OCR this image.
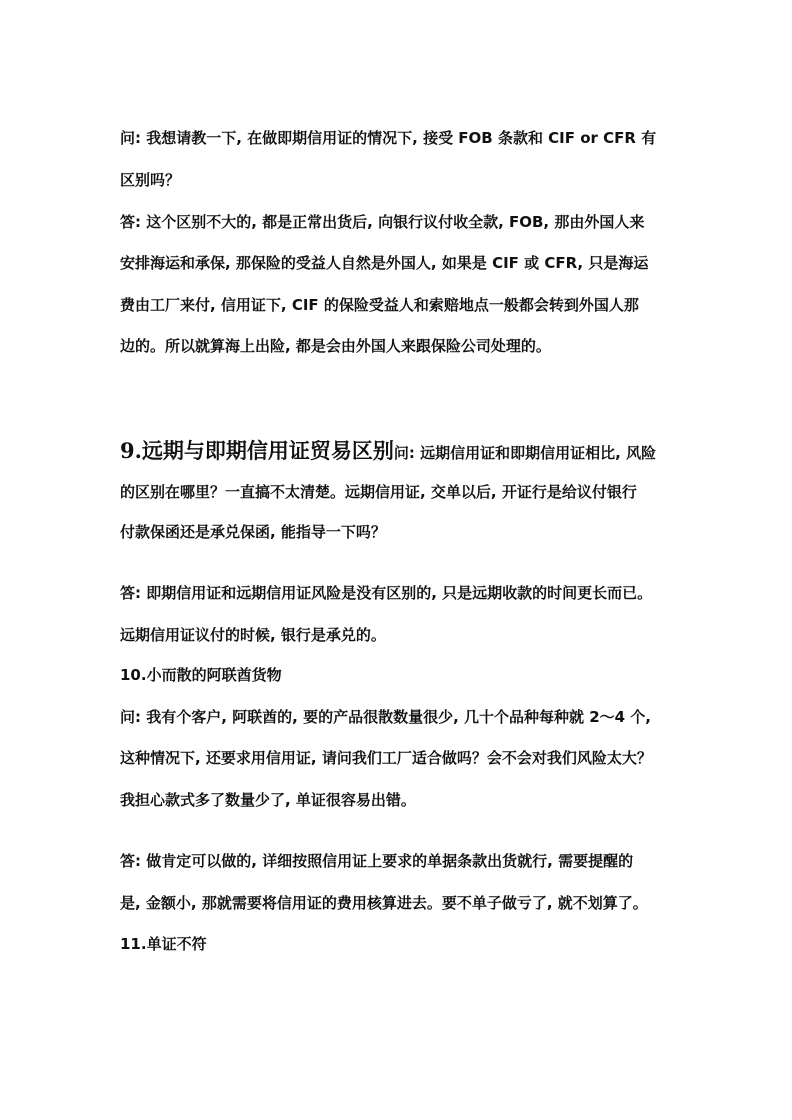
问: 我想请教一下, 在做即期信用证的情况下, 接受 FOB 条款和 CIF or CFR 有
区别吗？
答: 这个区别不大的, 都是正常出货后, 向银行议付收全款, FOB, 那由外国人来
安排海运和承保, 那保险的受益人自然是外国人, 如果是 CIF 或 CFR, 只是海运
费由工厂来付, 信用证下, CIF 的保险受益人和索赔地点一般都会转到外国人那
边的。所以就算海上出险, 都是会由外国人来跟保险公司处理的。
9.远期与即期信用证贸易区别问: 远期信用证和即期信用证相比, 风险
的区别在哪里？一直搞不太清楚。远期信用证, 交单以后, 开证行是给议付银行
付款保函还是承兑保函, 能指导一下吗？
答: 即期信用证和远期信用证风险是没有区别的, 只是远期收款的时间更长而已。
远期信用证议付的时候, 银行是承兑的。
10.小而散的阿联酋货物
问: 我有个客户, 阿联酋的, 要的产品很散数量很少, 几十个品种每种就 2～4 个,
这种情况下, 还要求用信用证, 请问我们工厂适合做吗？会不会对我们风险太大？
我担心款式多了数量少了, 单证很容易出错。
答: 做肯定可以做的, 详细按照信用证上要求的单据条款出货就行, 需要提醒的
是, 金额小, 那就需要将信用证的费用核算进去。要不单子做亏了, 就不划算了。
11.单证不符
